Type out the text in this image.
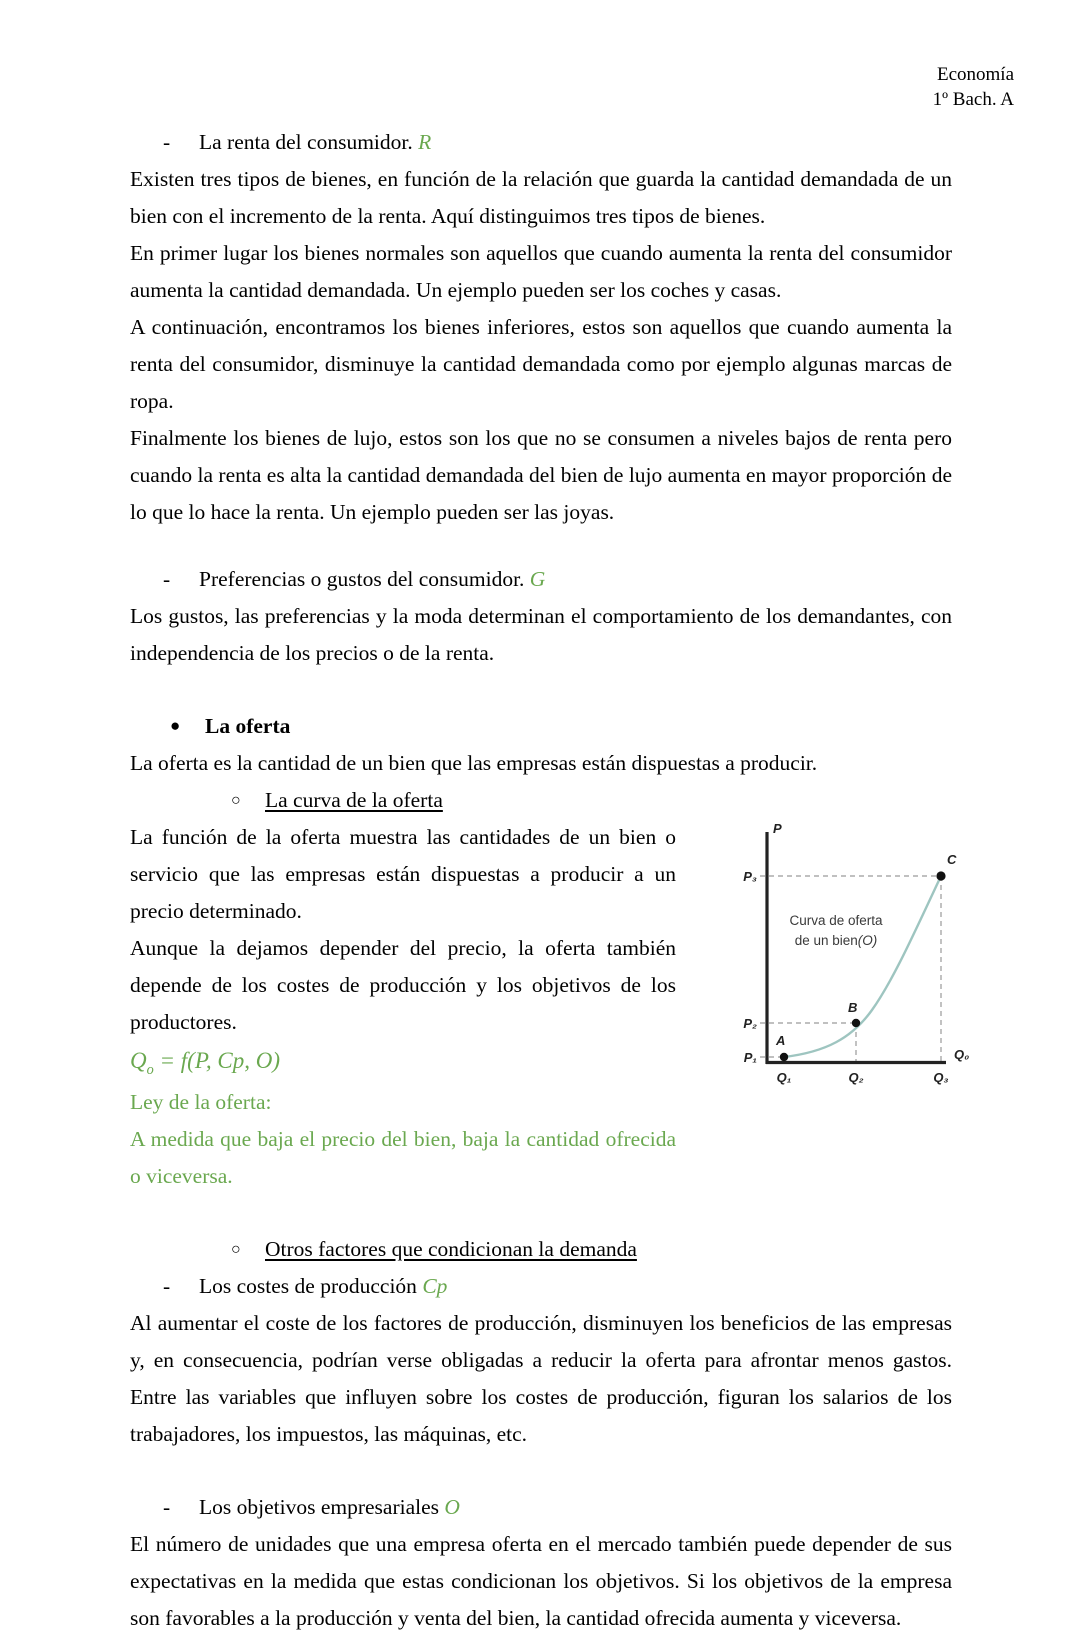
Economía
1º Bach. A
- La renta del consumidor. R

Existen tres tipos de bienes, en función de la relación que guarda la cantidad demandada de un bien con el incremento de la renta. Aquí distinguimos tres tipos de bienes.

En primer lugar los bienes normales son aquellos que cuando aumenta la renta del consumidor aumenta la cantidad demandada. Un ejemplo pueden ser los coches y casas.

A continuación, encontramos los bienes inferiores, estos son aquellos que cuando aumenta la renta del consumidor, disminuye la cantidad demandada como por ejemplo algunas marcas de ropa.

Finalmente los bienes de lujo, estos son los que no se consumen a niveles bajos de renta pero cuando la renta es alta la cantidad demandada del bien de lujo aumenta en mayor proporción de lo que lo hace la renta. Un ejemplo pueden ser las joyas.

- Preferencias o gustos del consumidor. G

Los gustos, las preferencias y la moda determinan el comportamiento de los demandantes, con independencia de los precios o de la renta.

● La oferta

La oferta es la cantidad de un bien que las empresas están dispuestas a producir.

○ La curva de la oferta

La función de la oferta muestra las cantidades de un bien o servicio que las empresas están dispuestas a producir a un precio determinado.

Aunque la dejamos depender del precio, la oferta también depende de los costes de producción y los objetivos de los productores.

$Q_o = f(P$, Cp, O)

Ley de la oferta:

A medida que baja el precio del bien, baja la cantidad ofrecida o viceversa.

A
B
C
P
Q₀
P₃
P₂
P₁
Q₁	Q₂	Q₃
Curva de oferta
de un bien(O)
○ Otros factores que condicionan la demanda
- Los costes de producción Cp

Al aumentar el coste de los factores de producción, disminuyen los beneficios de las empresas y, en consecuencia, podrían verse obligadas a reducir la oferta para afrontar menos gastos. Entre las variables que influyen sobre los costes de producción, figuran los salarios de los trabajadores, los impuestos, las máquinas, etc.

- Los objetivos empresariales O

El número de unidades que una empresa oferta en el mercado también puede depender de sus expectativas en la medida que estas condicionan los objetivos. Si los objetivos de la empresa son favorables a la producción y venta del bien, la cantidad ofrecida aumenta y viceversa.
